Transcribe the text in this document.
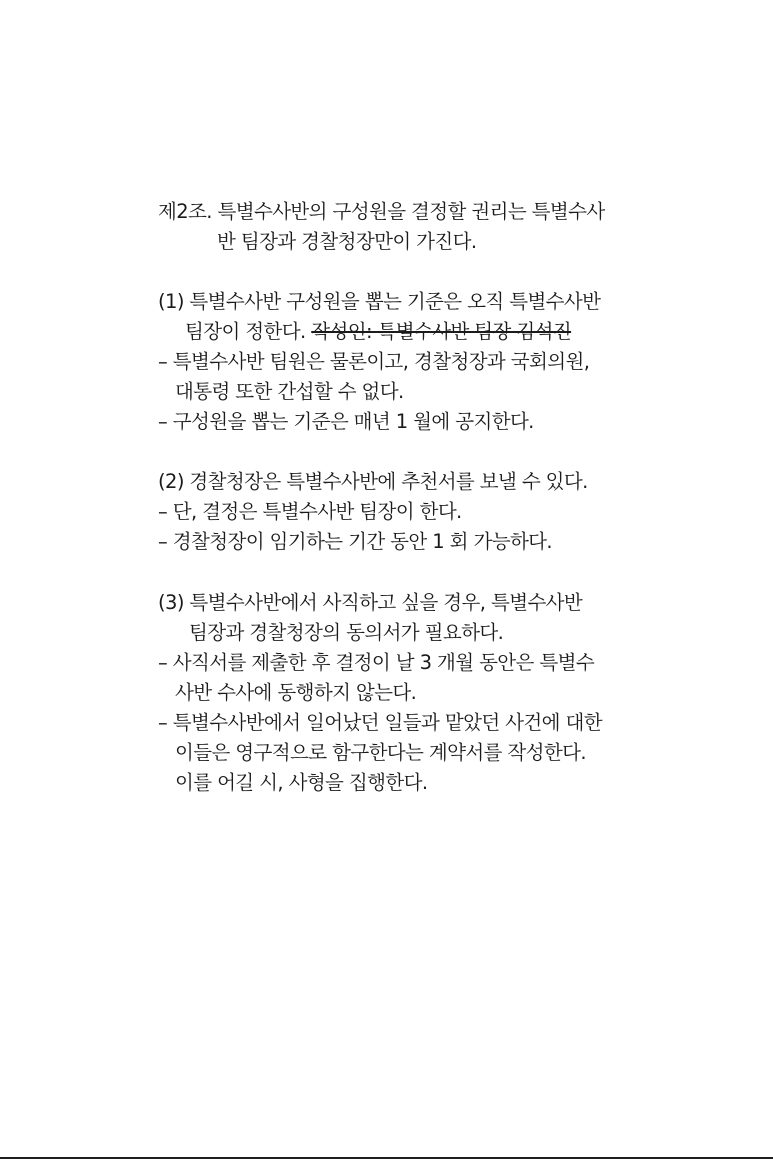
제2조. 특별수사반의 구성원을 결정할 권리는 특별수사
반 팀장과 경찰청장만이 가진다.
(1) 특별수사반 구성원을 뽑는 기준은 오직 특별수사반
팀장이 정한다. 작성인: 특별수사반 팀장 김석진
– 특별수사반 팀원은 물론이고, 경찰청장과 국회의원,
대통령 또한 간섭할 수 없다.
– 구성원을 뽑는 기준은 매년 1 월에 공지한다.
(2) 경찰청장은 특별수사반에 추천서를 보낼 수 있다.
– 단, 결정은 특별수사반 팀장이 한다.
– 경찰청장이 임기하는 기간 동안 1 회 가능하다.
(3) 특별수사반에서 사직하고 싶을 경우, 특별수사반
팀장과 경찰청장의 동의서가 필요하다.
– 사직서를 제출한 후 결정이 날 3 개월 동안은 특별수
사반 수사에 동행하지 않는다.
– 특별수사반에서 일어났던 일들과 맡았던 사건에 대한
이들은 영구적으로 함구한다는 계약서를 작성한다.
이를 어길 시, 사형을 집행한다.
